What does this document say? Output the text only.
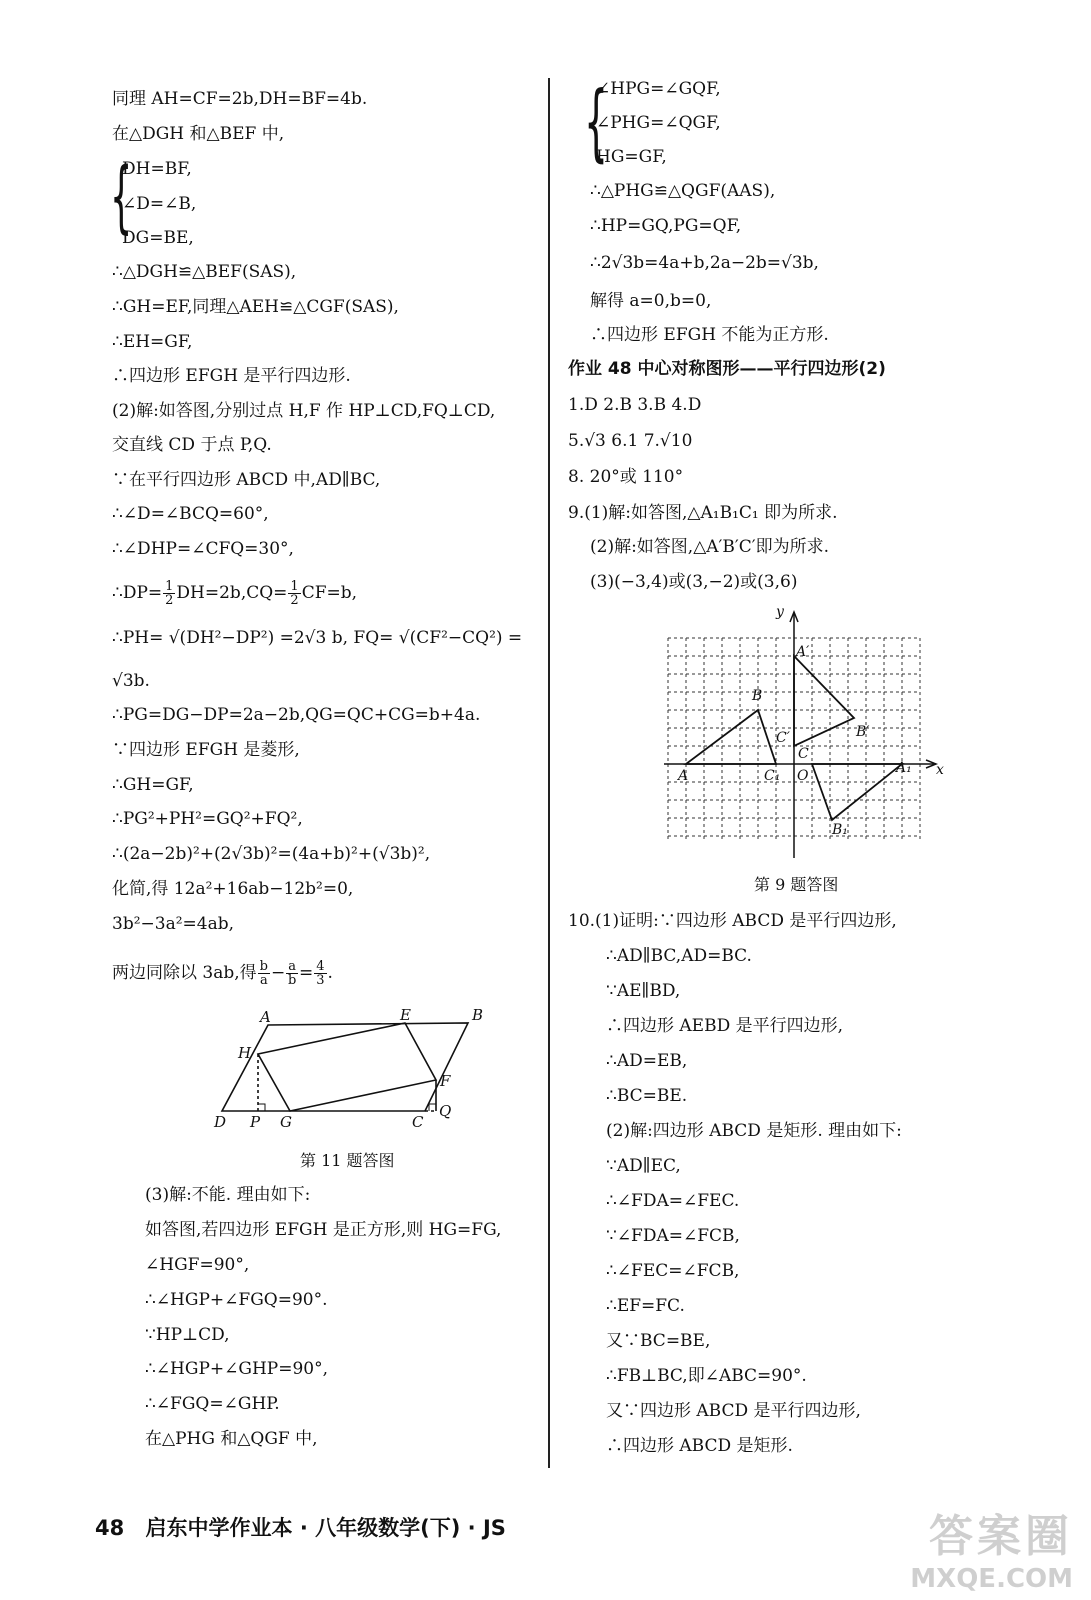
同理 AH=CF=2b,DH=BF=4b.
在△DGH 和△BEF 中,
{
DH=BF,
∠D=∠B,
DG=BE,
∴△DGH≌△BEF(SAS),
∴GH=EF,同理△AEH≌△CGF(SAS),
∴EH=GF,
∴四边形 EFGH 是平行四边形.
(2)解:如答图,分别过点 H,F 作 HP⊥CD,FQ⊥CD,
交直线 CD 于点 P,Q.
∵在平行四边形 ABCD 中,AD∥BC,
∴∠D=∠BCQ=60°,
∴∠DHP=∠CFQ=30°,
∴DP= $\frac{1}{2} DH=2b,CQ= \frac{1}{2} CF=b$,
∴PH= √(DH²−DP²) =2√3 b, FQ= √(CF²−CQ²) =
√3b.
∴PG=DG−DP=2a−2b,QG=QC+CG=b+4a.
∵四边形 EFGH 是菱形,
∴GH=GF,
∴PG²+PH²=GQ²+FQ²,
∴(2a−2b)²+(2√3b)²=(4a+b)²+(√3b)²,
化简,得 12a²+16ab−12b²=0,
3b²−3a²=4ab,
两边同除以 3ab,得 $\frac{b}{a} - \frac{a}{b} = \frac{4}{3}$ .
A	B
C
D
E
F
G
H
P
Q
第 11 题答图
(3)解:不能. 理由如下:
如答图,若四边形 EFGH 是正方形,则 HG=FG,
∠HGF=90°,
∴∠HGP+∠FGQ=90°.
∵HP⊥CD,
∴∠HGP+∠GHP=90°,
∴∠FGQ=∠GHP.
在△PHG 和△QGF 中,
{
∠HPG=∠GQF,
∠PHG=∠QGF,
HG=GF,
∴△PHG≌△QGF(AAS),
∴HP=GQ,PG=QF,
∴2√3b=4a+b,2a−2b=√3b,
解得 a=0,b=0,
∴四边形 EFGH 不能为正方形.
作业 48 中心对称图形——平行四边形(2)
1.D 2.B 3.B 4.D
5.√3 6.1 7.√10
8. 20°或 110°
9.(1)解:如答图,△A₁B₁C₁ 即为所求.
(2)解:如答图,△A′B′C′即为所求.
(3)(−3,4)或(3,−2)或(3,6)
y
x
O
A′
B
B′
C′
C
C₁
A	A₁
B₁
第 9 题答图
10.(1)证明:∵四边形 ABCD 是平行四边形,
∴AD∥BC,AD=BC.
∵AE∥BD,
∴四边形 AEBD 是平行四边形,
∴AD=EB,
∴BC=BE.
(2)解:四边形 ABCD 是矩形. 理由如下:
∵AD∥EC,
∴∠FDA=∠FEC.
∵∠FDA=∠FCB,
∴∠FEC=∠FCB,
∴EF=FC.
又∵BC=BE,
∴FB⊥BC,即∠ABC=90°.
又∵四边形 ABCD 是平行四边形,
∴四边形 ABCD 是矩形.
48 启东中学作业本 · 八年级数学(下) · JS	答案圈
MXQE.COM
